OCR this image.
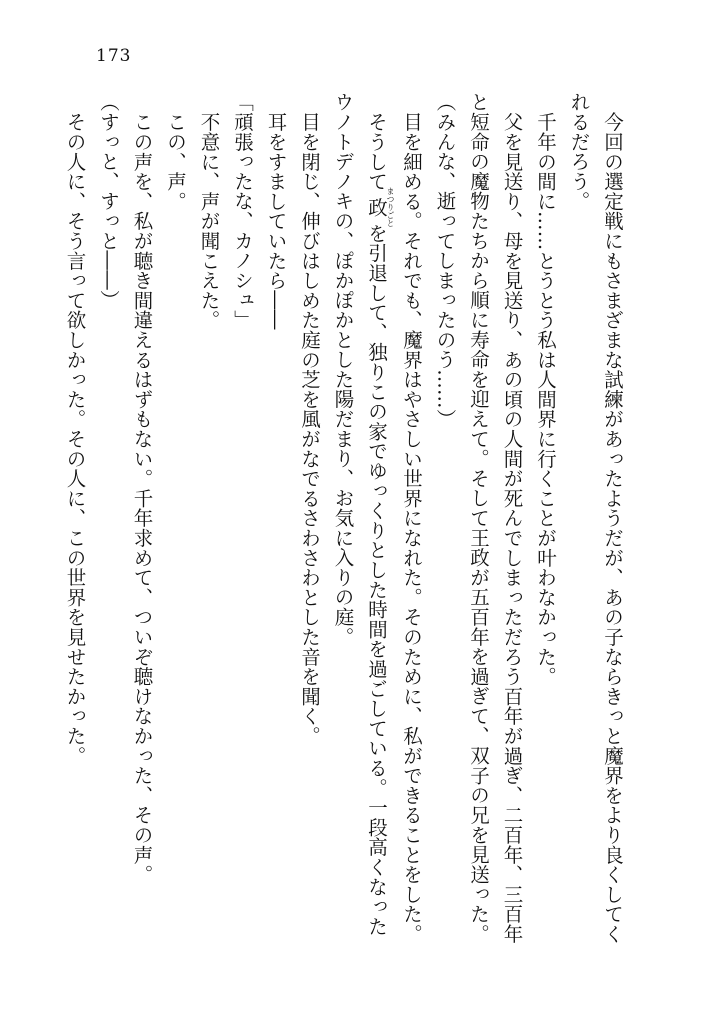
173

今回の選定戦にもさまざまな試練があったようだが、あの子ならきっと魔界をより良くしてくれるだろう。

千年の間に……とうとう私は人間界に行くことが叶わなかった。

父を見送り、母を見送り、あの頃の人間が死んでしまっただろう百年が過ぎ、二百年、三百年と短命の魔物たちから順に寿命を迎えて。そして王政が五百年を過ぎて、双子の兄を見送った。

（みんな、逝ってしまったのう……）

目を細める。それでも、魔界はやさしい世界になれた。そのために、私ができることをした。

そうして政まつりごとを引退して、独りこの家でゆっくりとした時間を過ごしている。一段高くなったウノトデノキの、ぽかぽかとした陽だまり、お気に入りの庭。

目を閉じ、伸びはしめた庭の芝を風がなでるさわさわとした音を聞く。

耳をすましていたら――

「頑張ったな、カノシュ」

不意に、声が聞こえた。

この、声。

この声を、私が聴き間違えるはずもない。千年求めて、ついぞ聴けなかった、その声。

（すっと、すっと――）

その人に、そう言って欲しかった。その人に、この世界を見せたかった。
